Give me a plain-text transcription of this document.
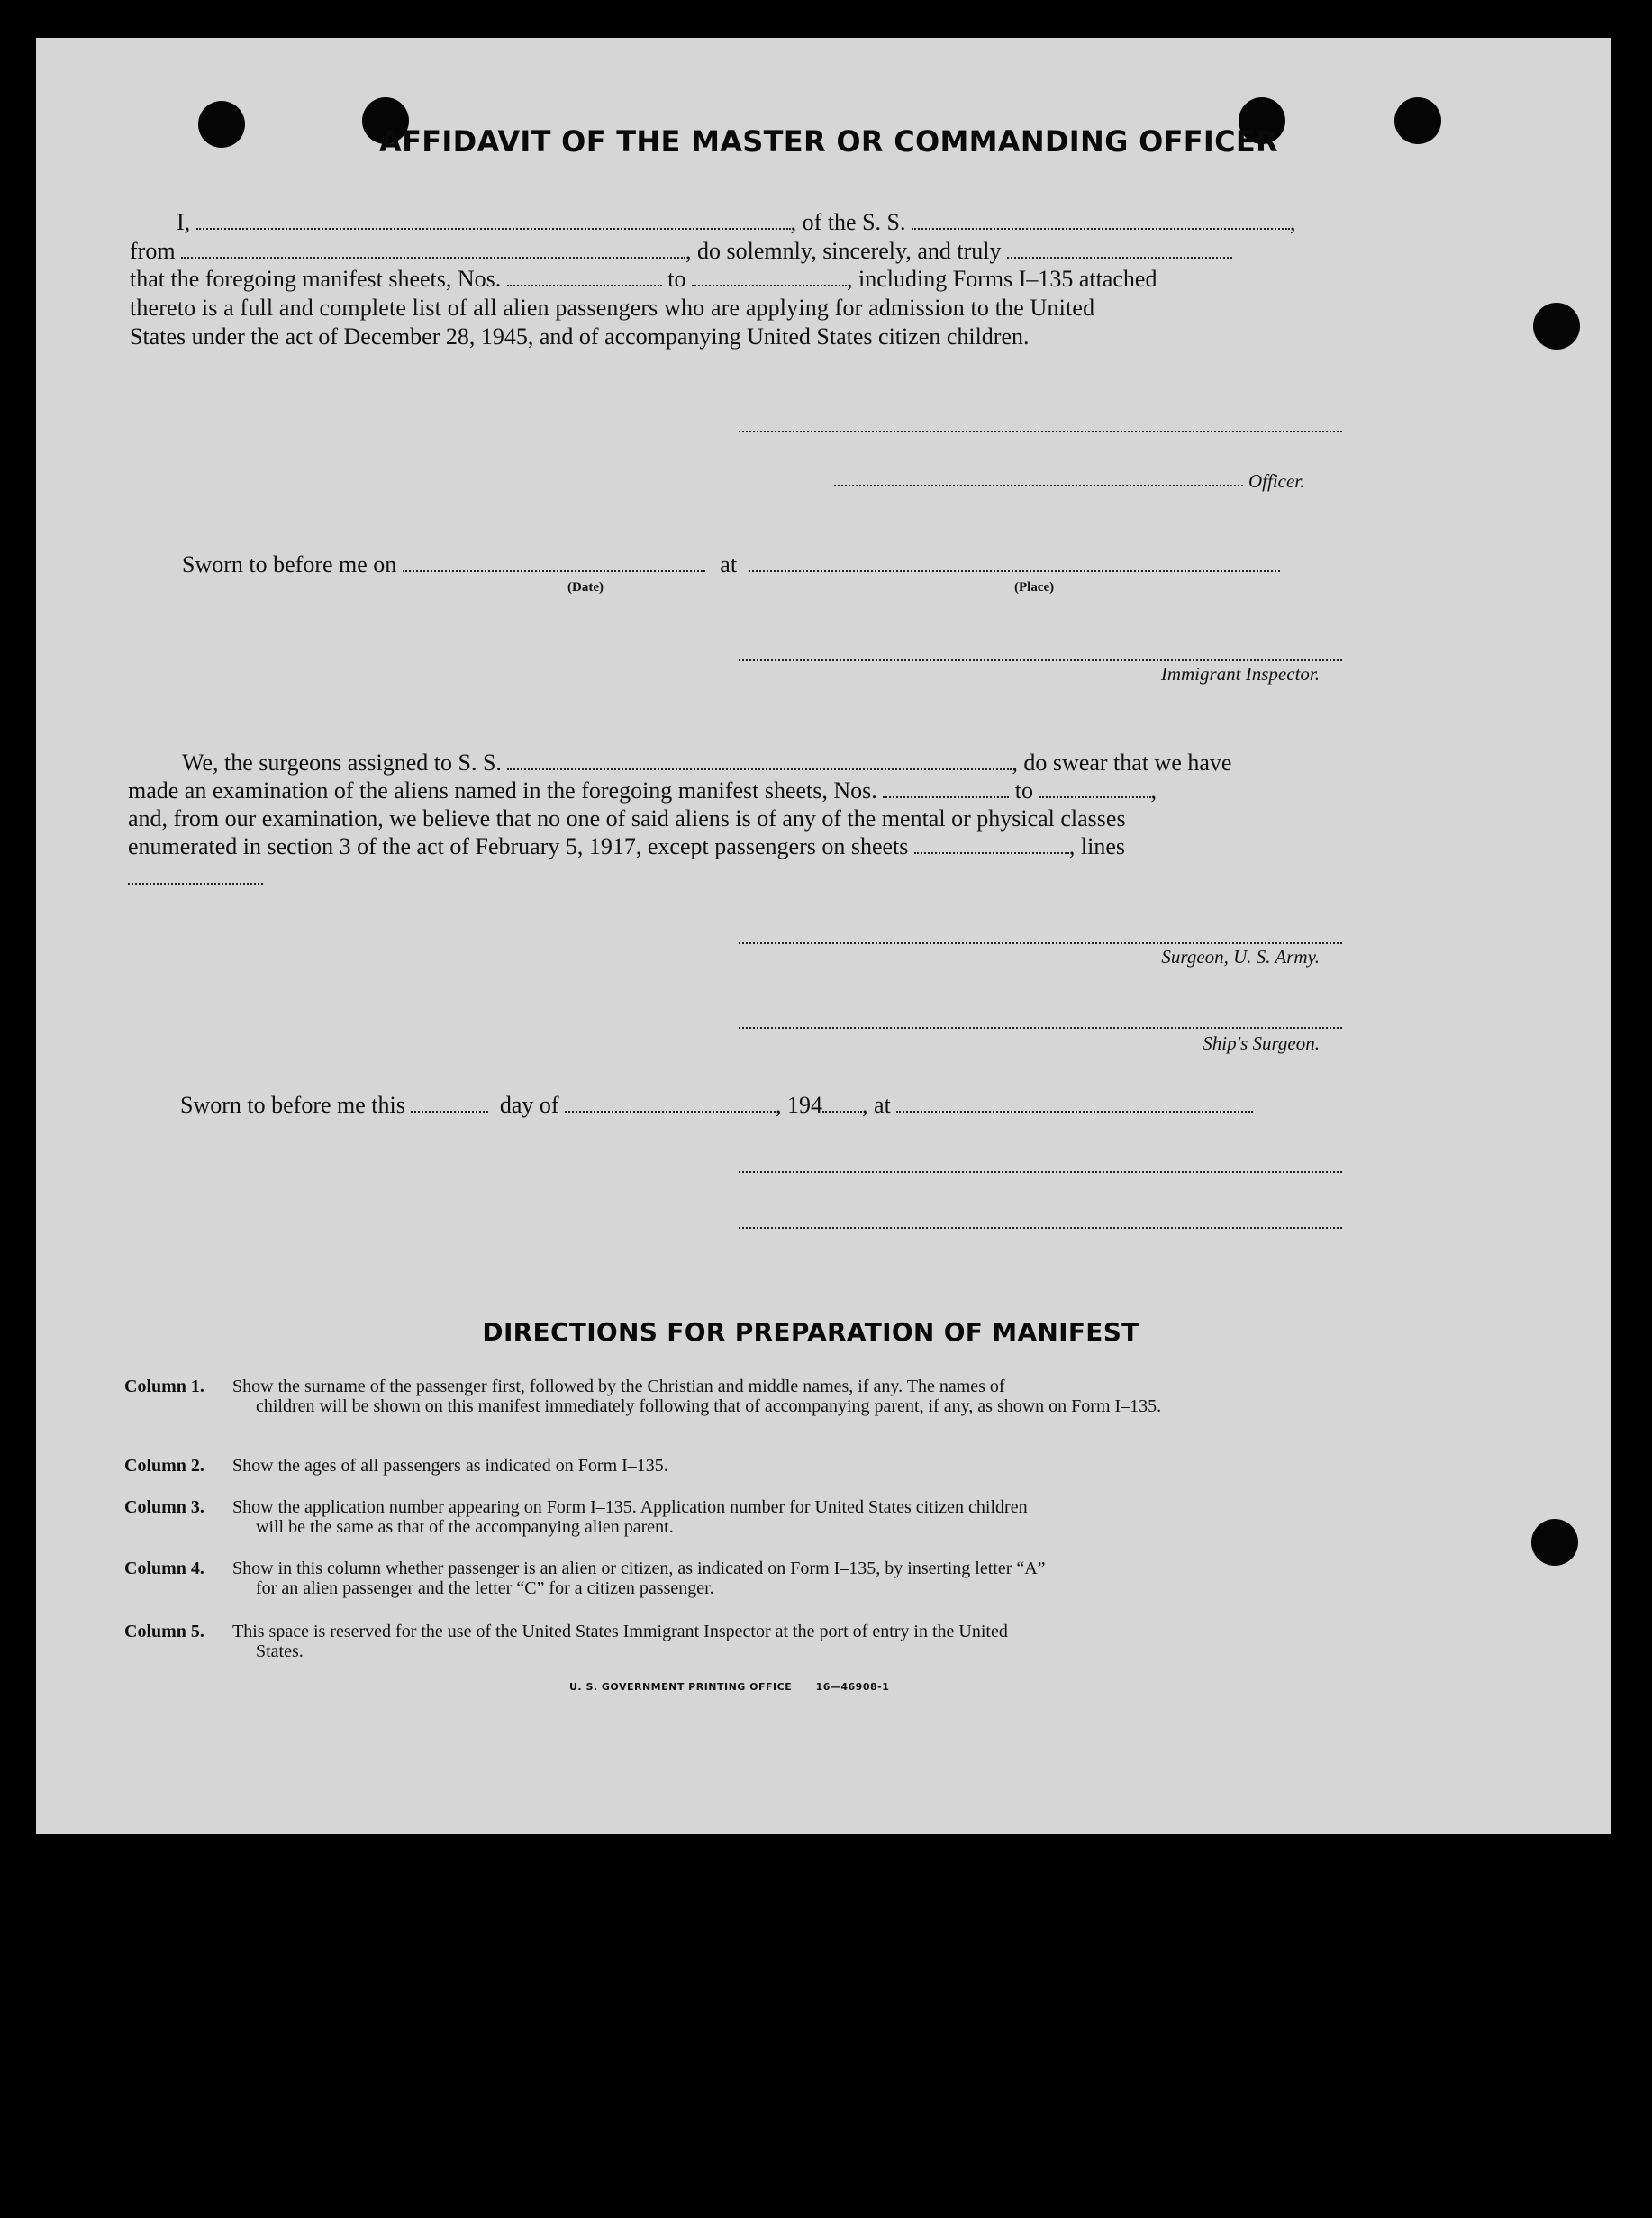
AFFIDAVIT OF THE MASTER OR COMMANDING OFFICER
I,	, of the S. S.	,
from	, do solemnly, sincerely, and truly
that the foregoing manifest sheets, Nos.	to	, including Forms I–135 attached
thereto is a full and complete list of all alien passengers who are applying for admission to the United
States under the act of December 28, 1945, and of accompanying United States citizen children.
Officer.
Sworn to before me on	at
(Date)	(Place)
Immigrant Inspector.
We, the surgeons assigned to S. S.	, do swear that we have
made an examination of the aliens named in the foregoing manifest sheets, Nos.	to	,
and, from our examination, we believe that no one of said aliens is of any of the mental or physical classes
enumerated in section 3 of the act of February 5, 1917, except passengers on sheets	, lines
Surgeon, U. S. Army.
Ship's Surgeon.
Sworn to before me this	day of	, 194 , at
DIRECTIONS FOR PREPARATION OF MANIFEST
Column 1. Show the surname of the passenger first, followed by the Christian and middle names, if any. The names of
children will be shown on this manifest immediately following that of accompanying parent, if any, as shown on Form I–135.
Column 2. Show the ages of all passengers as indicated on Form I–135.
Column 3. Show the application number appearing on Form I–135. Application number for United States citizen children
will be the same as that of the accompanying alien parent.
Column 4. Show in this column whether passenger is an alien or citizen, as indicated on Form I–135, by inserting letter “A”
for an alien passenger and the letter “C” for a citizen passenger.
Column 5. This space is reserved for the use of the United States Immigrant Inspector at the port of entry in the United
States.
U. S. GOVERNMENT PRINTING OFFICE 16—46908-1
